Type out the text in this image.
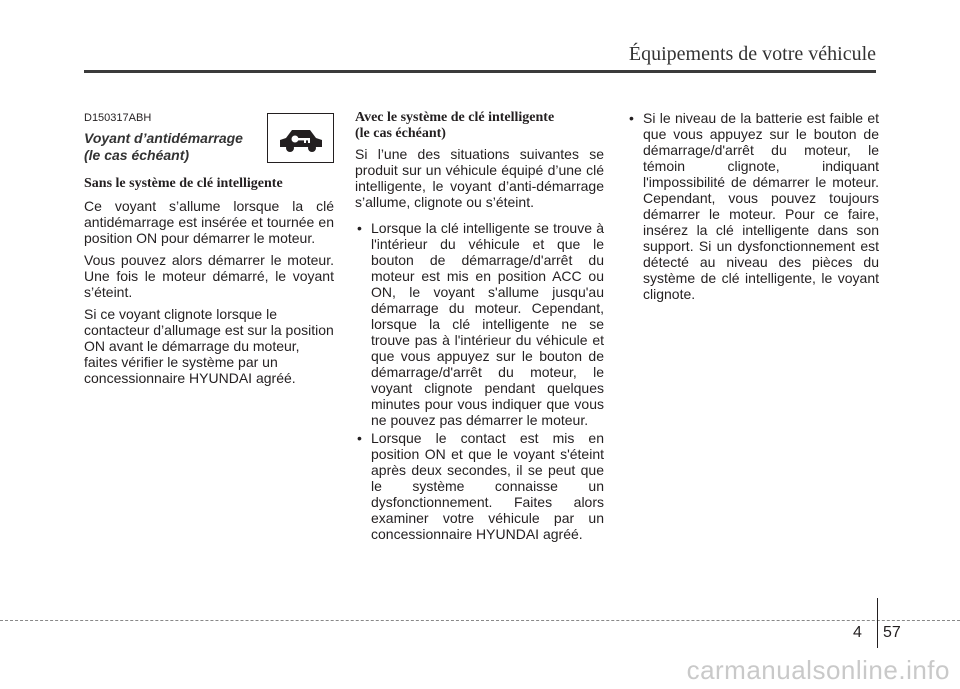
Équipements de votre véhicule
D150317ABH
Voyant d’antidémarrage
(le cas échéant)

Sans le système de clé intelligente

Ce voyant s’allume lorsque la clé antidémarrage est insérée et tournée en position ON pour démarrer le moteur.

Vous pouvez alors démarrer le moteur. Une fois le moteur démarré, le voyant s’éteint.

Si ce voyant clignote lorsque le contacteur d’allumage est sur la position ON avant le démarrage du moteur, faites vérifier le système par un concessionnaire HYUNDAI agréé.

Avec le système de clé intelligente
(le cas échéant)

Si l’une des situations suivantes se produit sur un véhicule équipé d’une clé intelligente, le voyant d’anti-démarrage s’allume, clignote ou s’éteint.

• Lorsque la clé intelligente se trouve à l'intérieur du véhicule et que le bouton de démarrage/d'arrêt du moteur est mis en position ACC ou ON, le voyant s'allume jusqu'au démarrage du moteur. Cependant, lorsque la clé intelligente ne se trouve pas à l'intérieur du véhicule et que vous appuyez sur le bouton de démarrage/d'arrêt du moteur, le voyant clignote pendant quelques minutes pour vous indiquer que vous ne pouvez pas démarrer le moteur.
• Lorsque le contact est mis en position ON et que le voyant s'éteint après deux secondes, il se peut que le système connaisse un dysfonctionnement. Faites alors examiner votre véhicule par un concessionnaire HYUNDAI agréé.
• Si le niveau de la batterie est faible et que vous appuyez sur le bouton de démarrage/d'arrêt du moteur, le témoin clignote, indiquant l'impossibilité de démarrer le moteur. Cependant, vous pouvez toujours démarrer le moteur. Pour ce faire, insérez la clé intelligente dans son support. Si un dysfonctionnement est détecté au niveau des pièces du système de clé intelligente, le voyant clignote.
4 57
carmanualsonline.info
